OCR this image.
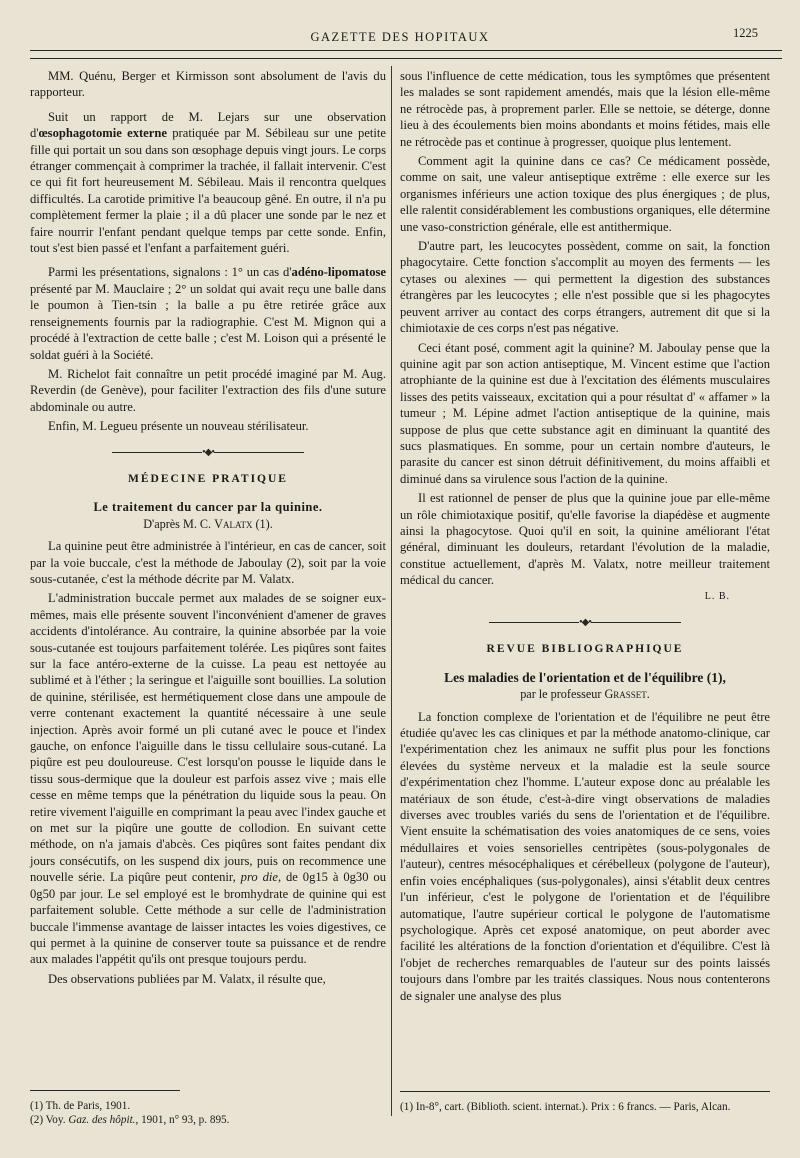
GAZETTE DES HOPITAUX	1225

MM. Quénu, Berger et Kirmisson sont absolument de l'avis du rapporteur.

Suit un rapport de M. Lejars sur une observation d'œsophagotomie externe pratiquée par M. Sébileau sur une petite fille qui portait un sou dans son œsophage depuis vingt jours. Le corps étranger commençait à comprimer la trachée, il fallait intervenir. C'est ce qui fit fort heureusement M. Sébileau. Mais il rencontra quelques difficultés. La carotide primitive l'a beaucoup gêné. En outre, il n'a pu complètement fermer la plaie ; il a dû placer une sonde par le nez et faire nourrir l'enfant pendant quelque temps par cette sonde. Enfin, tout s'est bien passé et l'enfant a parfaitement guéri.

Parmi les présentations, signalons : 1° un cas d'adéno-lipomatose présenté par M. Mauclaire ; 2° un soldat qui avait reçu une balle dans le poumon à Tien-tsin ; la balle a pu être retirée grâce aux renseignements fournis par la radiographie. C'est M. Mignon qui a procédé à l'extraction de cette balle ; c'est M. Loison qui a présenté le soldat guéri à la Société.

M. Richelot fait connaître un petit procédé imaginé par M. Aug. Reverdin (de Genève), pour faciliter l'extraction des fils d'une suture abdominale ou autre.

Enfin, M. Legueu présente un nouveau stérilisateur.

•◆•
MÉDECINE PRATIQUE
Le traitement du cancer par la quinine.
D'après M. C. Valatx (1).

La quinine peut être administrée à l'intérieur, en cas de cancer, soit par la voie buccale, c'est la méthode de Jaboulay (2), soit par la voie sous-cutanée, c'est la méthode décrite par M. Valatx.

L'administration buccale permet aux malades de se soigner eux-mêmes, mais elle présente souvent l'inconvénient d'amener de graves accidents d'intolérance. Au contraire, la quinine absorbée par la voie sous-cutanée est toujours parfaitement tolérée. Les piqûres sont faites sur la face antéro-externe de la cuisse. La peau est nettoyée au sublimé et à l'éther ; la seringue et l'aiguille sont bouillies. La solution de quinine, stérilisée, est hermétiquement close dans une ampoule de verre contenant exactement la quantité nécessaire à une seule injection. Après avoir formé un pli cutané avec le pouce et l'index gauche, on enfonce l'aiguille dans le tissu cellulaire sous-cutané. La piqûre est peu douloureuse. C'est lorsqu'on pousse le liquide dans le tissu sous-dermique que la douleur est parfois assez vive ; mais elle cesse en même temps que la pénétration du liquide sous la peau. On retire vivement l'aiguille en comprimant la peau avec l'index gauche et on met sur la piqûre une goutte de collodion. En suivant cette méthode, on n'a jamais d'abcès. Ces piqûres sont faites pendant dix jours consécutifs, on les suspend dix jours, puis on recommence une nouvelle série. La piqûre peut contenir, pro die, de 0g15 à 0g30 ou 0g50 par jour. Le sel employé est le bromhydrate de quinine qui est parfaitement soluble. Cette méthode a sur celle de l'administration buccale l'immense avantage de laisser intactes les voies digestives, ce qui permet à la quinine de conserver toute sa puissance et de rendre aux malades l'appétit qu'ils ont presque toujours perdu.

Des observations publiées par M. Valatx, il résulte que,

(1) Th. de Paris, 1901.
(2) Voy. Gaz. des hôpit., 1901, n° 93, p. 895.

sous l'influence de cette médication, tous les symptômes que présentent les malades se sont rapidement amendés, mais que la lésion elle-même ne rétrocède pas, à proprement parler. Elle se nettoie, se déterge, donne lieu à des écoulements bien moins abondants et moins fétides, mais elle ne rétrocède pas et continue à progresser, quoique plus lentement.

Comment agit la quinine dans ce cas? Ce médicament possède, comme on sait, une valeur antiseptique extrême : elle exerce sur les organismes inférieurs une action toxique des plus énergiques ; de plus, elle ralentit considérablement les combustions organiques, elle détermine une vaso-constriction générale, elle est antithermique.

D'autre part, les leucocytes possèdent, comme on sait, la fonction phagocytaire. Cette fonction s'accomplit au moyen des ferments — les cytases ou alexines — qui permettent la digestion des substances étrangères par les leucocytes ; elle n'est possible que si les phagocytes peuvent arriver au contact des corps étrangers, autrement dit que si la chimiotaxie de ces corps n'est pas négative.

Ceci étant posé, comment agit la quinine? M. Jaboulay pense que la quinine agit par son action antiseptique, M. Vincent estime que l'action atrophiante de la quinine est due à l'excitation des éléments musculaires lisses des petits vaisseaux, excitation qui a pour résultat d' « affamer » la tumeur ; M. Lépine admet l'action antiseptique de la quinine, mais suppose de plus que cette substance agit en diminuant la quantité des sucs plasmatiques. En somme, pour un certain nombre d'auteurs, le parasite du cancer est sinon détruit définitivement, du moins affaibli et diminué dans sa virulence sous l'action de la quinine.

Il est rationnel de penser de plus que la quinine joue par elle-même un rôle chimiotaxique positif, qu'elle favorise la diapédèse et augmente ainsi la phagocytose. Quoi qu'il en soit, la quinine améliorant l'état général, diminuant les douleurs, retardant l'évolution de la maladie, constitue actuellement, d'après M. Valatx, notre meilleur traitement médical du cancer.

L. B.
•◆•
REVUE BIBLIOGRAPHIQUE
Les maladies de l'orientation et de l'équilibre (1),
par le professeur Grasset.

La fonction complexe de l'orientation et de l'équilibre ne peut être étudiée qu'avec les cas cliniques et par la méthode anatomo-clinique, car l'expérimentation chez les animaux ne suffit plus pour les fonctions élevées du système nerveux et la maladie est la seule source d'expérimentation chez l'homme. L'auteur expose donc au préalable les matériaux de son étude, c'est-à-dire vingt observations de maladies diverses avec troubles variés du sens de l'orientation et de l'équilibre. Vient ensuite la schématisation des voies anatomiques de ce sens, voies médullaires et voies sensorielles centripètes (sous-polygonales de l'auteur), centres mésocéphaliques et cérébelleux (polygone de l'auteur), enfin voies encéphaliques (sus-polygonales), ainsi s'établit deux centres l'un inférieur, c'est le polygone de l'orientation et de l'équilibre automatique, l'autre supérieur cortical le polygone de l'automatisme psychologique. Après cet exposé anatomique, on peut aborder avec facilité les altérations de la fonction d'orientation et d'équilibre. C'est là l'objet de recherches remarquables de l'auteur sur des points laissés toujours dans l'ombre par les traités classiques. Nous nous contenterons de signaler une analyse des plus

(1) In-8°, cart. (Biblioth. scient. internat.). Prix : 6 francs. — Paris, Alcan.
